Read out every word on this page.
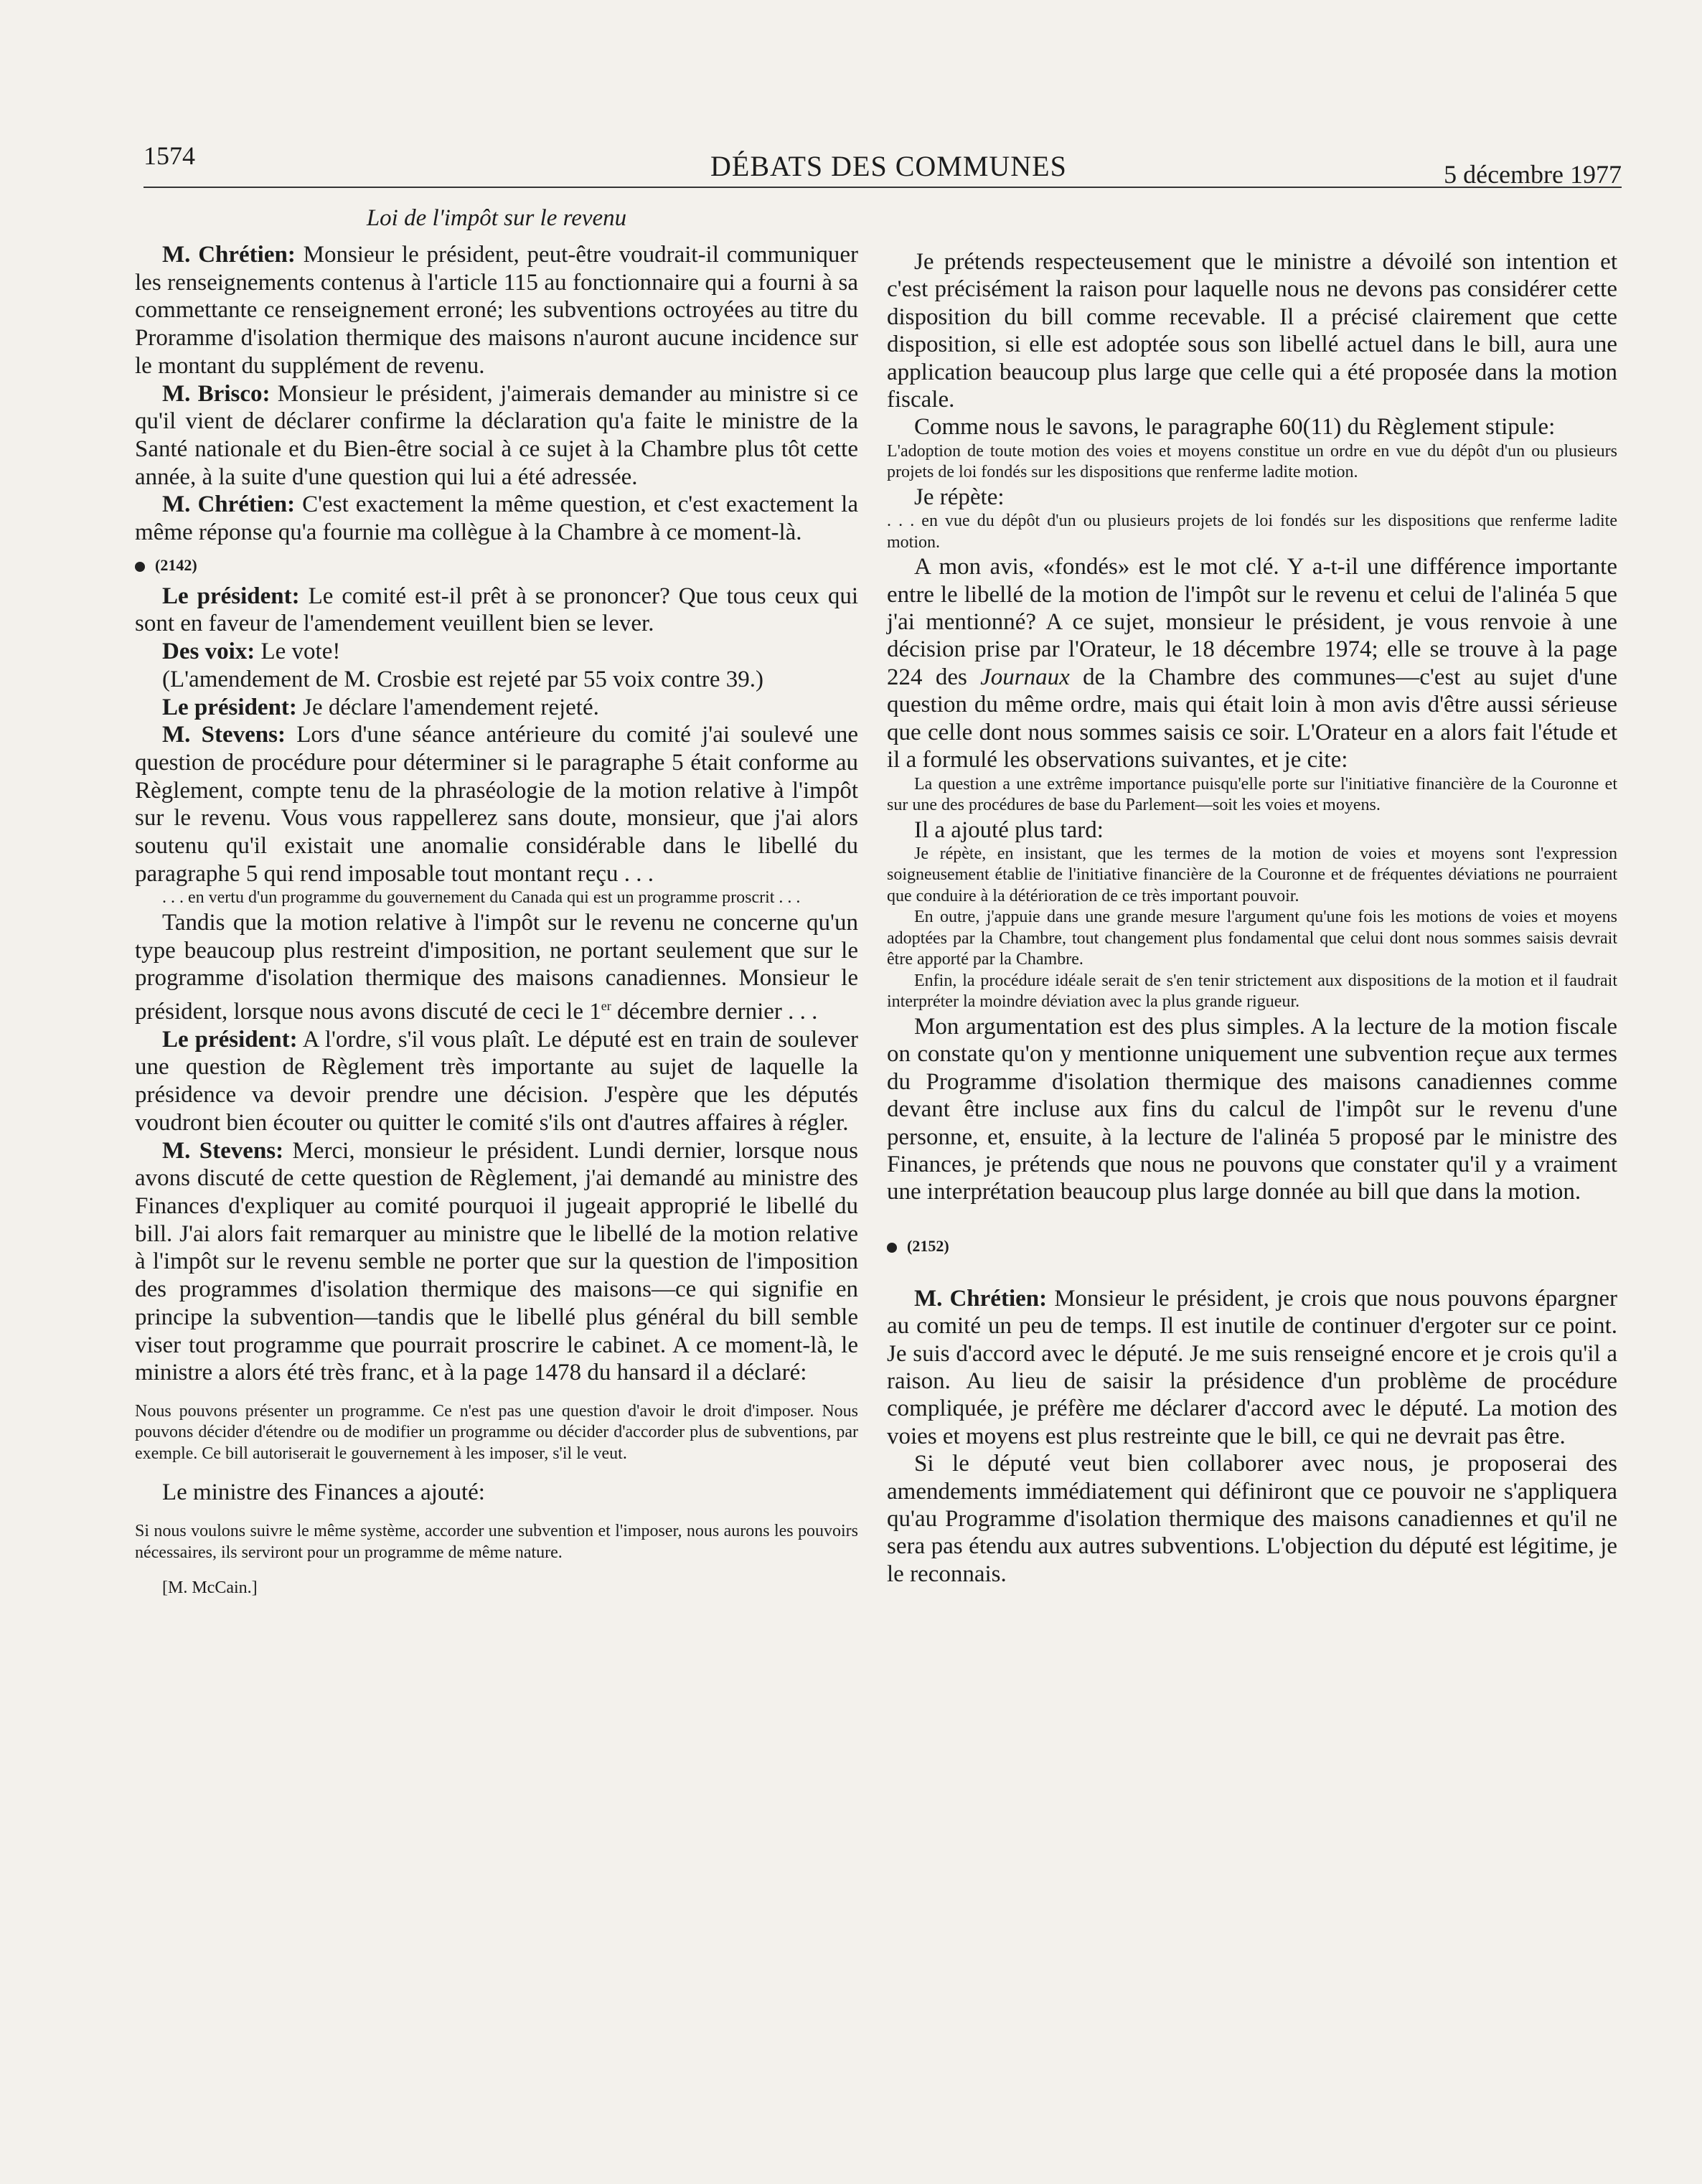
1574	DÉBATS DES COMMUNES	5 décembre 1977
Loi de l'impôt sur le revenu

M. Chrétien: Monsieur le président, peut-être voudrait-il communiquer les renseignements contenus à l'article 115 au fonctionnaire qui a fourni à sa commettante ce renseignement erroné; les subventions octroyées au titre du Proramme d'isolation thermique des maisons n'auront aucune incidence sur le montant du supplément de revenu.

M. Brisco: Monsieur le président, j'aimerais demander au ministre si ce qu'il vient de déclarer confirme la déclaration qu'a faite le ministre de la Santé nationale et du Bien-être social à ce sujet à la Chambre plus tôt cette année, à la suite d'une question qui lui a été adressée.

M. Chrétien: C'est exactement la même question, et c'est exactement la même réponse qu'a fournie ma collègue à la Chambre à ce moment-là.

(2142)

Le président: Le comité est-il prêt à se prononcer? Que tous ceux qui sont en faveur de l'amendement veuillent bien se lever.

Des voix: Le vote!

(L'amendement de M. Crosbie est rejeté par 55 voix contre 39.)

Le président: Je déclare l'amendement rejeté.

M. Stevens: Lors d'une séance antérieure du comité j'ai soulevé une question de procédure pour déterminer si le paragraphe 5 était conforme au Règlement, compte tenu de la phraséologie de la motion relative à l'impôt sur le revenu. Vous vous rappellerez sans doute, monsieur, que j'ai alors soutenu qu'il existait une anomalie considérable dans le libellé du paragraphe 5 qui rend imposable tout montant reçu . . .

. . . en vertu d'un programme du gouvernement du Canada qui est un programme proscrit . . .

Tandis que la motion relative à l'impôt sur le revenu ne concerne qu'un type beaucoup plus restreint d'imposition, ne portant seulement que sur le programme d'isolation thermique des maisons canadiennes. Monsieur le président, lorsque nous avons discuté de ceci le 1er décembre dernier . . .

Le président: A l'ordre, s'il vous plaît. Le député est en train de soulever une question de Règlement très importante au sujet de laquelle la présidence va devoir prendre une décision. J'espère que les députés voudront bien écouter ou quitter le comité s'ils ont d'autres affaires à régler.

M. Stevens: Merci, monsieur le président. Lundi dernier, lorsque nous avons discuté de cette question de Règlement, j'ai demandé au ministre des Finances d'expliquer au comité pourquoi il jugeait approprié le libellé du bill. J'ai alors fait remarquer au ministre que le libellé de la motion relative à l'impôt sur le revenu semble ne porter que sur la question de l'imposition des programmes d'isolation thermique des maisons—ce qui signifie en principe la subvention—tandis que le libellé plus général du bill semble viser tout programme que pourrait proscrire le cabinet. A ce moment-là, le ministre a alors été très franc, et à la page 1478 du hansard il a déclaré:

Nous pouvons présenter un programme. Ce n'est pas une question d'avoir le droit d'imposer. Nous pouvons décider d'étendre ou de modifier un programme ou décider d'accorder plus de subventions, par exemple. Ce bill autoriserait le gouvernement à les imposer, s'il le veut.

Le ministre des Finances a ajouté:

Si nous voulons suivre le même système, accorder une subvention et l'imposer, nous aurons les pouvoirs nécessaires, ils serviront pour un programme de même nature.

[M. McCain.]

Je prétends respecteusement que le ministre a dévoilé son intention et c'est précisément la raison pour laquelle nous ne devons pas considérer cette disposition du bill comme recevable. Il a précisé clairement que cette disposition, si elle est adoptée sous son libellé actuel dans le bill, aura une application beaucoup plus large que celle qui a été proposée dans la motion fiscale.

Comme nous le savons, le paragraphe 60(11) du Règlement stipule:

L'adoption de toute motion des voies et moyens constitue un ordre en vue du dépôt d'un ou plusieurs projets de loi fondés sur les dispositions que renferme ladite motion.

Je répète:

. . . en vue du dépôt d'un ou plusieurs projets de loi fondés sur les dispositions que renferme ladite motion.

A mon avis, «fondés» est le mot clé. Y a-t-il une différence importante entre le libellé de la motion de l'impôt sur le revenu et celui de l'alinéa 5 que j'ai mentionné? A ce sujet, monsieur le président, je vous renvoie à une décision prise par l'Orateur, le 18 décembre 1974; elle se trouve à la page 224 des Journaux de la Chambre des communes—c'est au sujet d'une question du même ordre, mais qui était loin à mon avis d'être aussi sérieuse que celle dont nous sommes saisis ce soir. L'Orateur en a alors fait l'étude et il a formulé les observations suivantes, et je cite:

La question a une extrême importance puisqu'elle porte sur l'initiative financière de la Couronne et sur une des procédures de base du Parlement—soit les voies et moyens.

Il a ajouté plus tard:

Je répète, en insistant, que les termes de la motion de voies et moyens sont l'expression soigneusement établie de l'initiative financière de la Couronne et de fréquentes déviations ne pourraient que conduire à la détérioration de ce très important pouvoir.

En outre, j'appuie dans une grande mesure l'argument qu'une fois les motions de voies et moyens adoptées par la Chambre, tout changement plus fondamental que celui dont nous sommes saisis devrait être apporté par la Chambre.

Enfin, la procédure idéale serait de s'en tenir strictement aux dispositions de la motion et il faudrait interpréter la moindre déviation avec la plus grande rigueur.

Mon argumentation est des plus simples. A la lecture de la motion fiscale on constate qu'on y mentionne uniquement une subvention reçue aux termes du Programme d'isolation thermique des maisons canadiennes comme devant être incluse aux fins du calcul de l'impôt sur le revenu d'une personne, et, ensuite, à la lecture de l'alinéa 5 proposé par le ministre des Finances, je prétends que nous ne pouvons que constater qu'il y a vraiment une interprétation beaucoup plus large donnée au bill que dans la motion.

(2152)

M. Chrétien: Monsieur le président, je crois que nous pouvons épargner au comité un peu de temps. Il est inutile de continuer d'ergoter sur ce point. Je suis d'accord avec le député. Je me suis renseigné encore et je crois qu'il a raison. Au lieu de saisir la présidence d'un problème de procédure compliquée, je préfère me déclarer d'accord avec le député. La motion des voies et moyens est plus restreinte que le bill, ce qui ne devrait pas être.

Si le député veut bien collaborer avec nous, je proposerai des amendements immédiatement qui définiront que ce pouvoir ne s'appliquera qu'au Programme d'isolation thermique des maisons canadiennes et qu'il ne sera pas étendu aux autres subventions. L'objection du député est légitime, je le reconnais.
